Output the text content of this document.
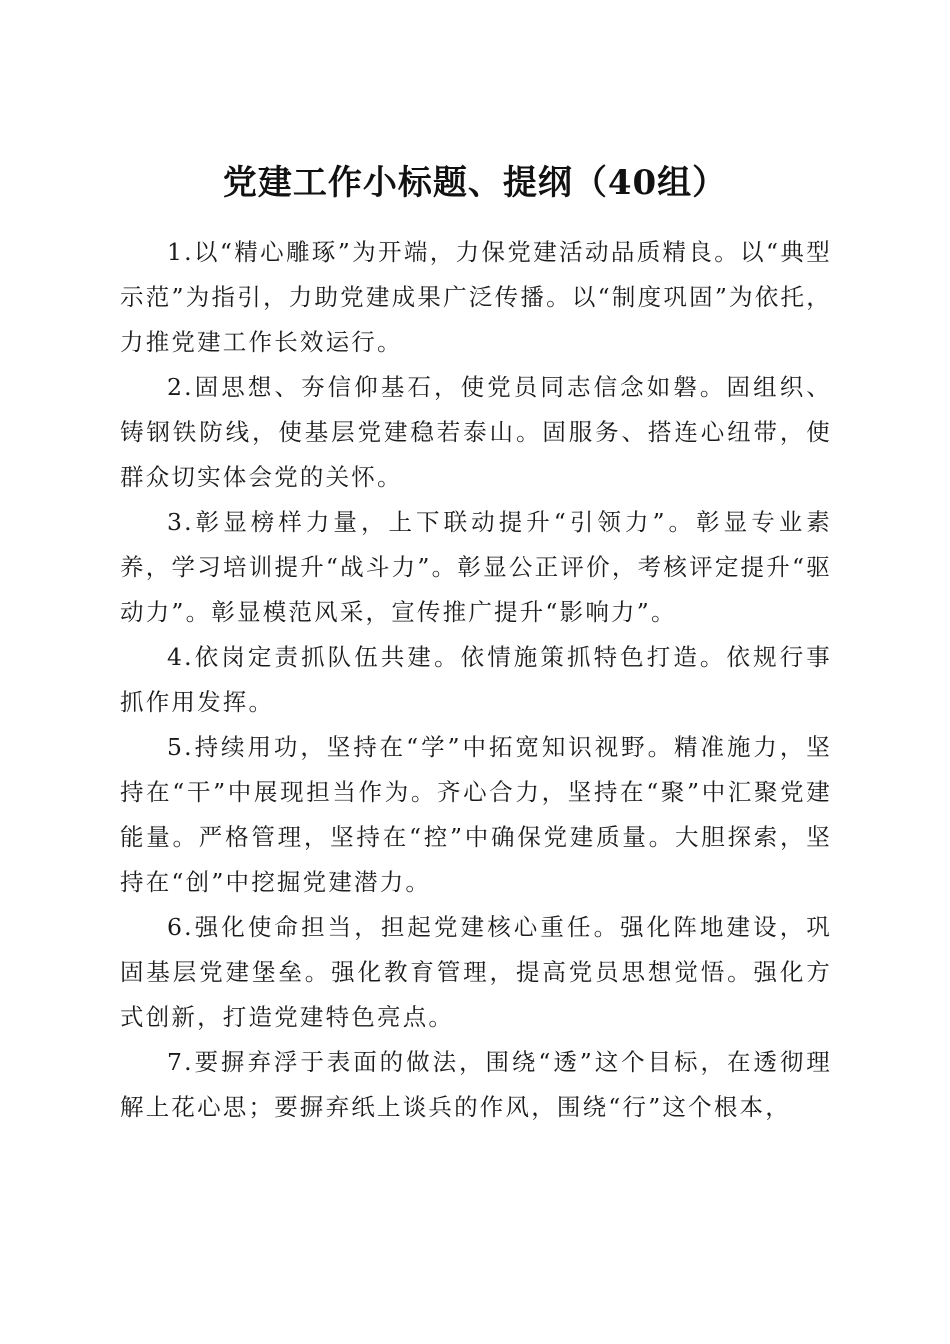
党建工作小标题、提纲（40组）

1.以“精心雕琢”为开端，力保党建活动品质精良。以“典型示范”为指引，力助党建成果广泛传播。以“制度巩固”为依托，力推党建工作长效运行。

2.固思想、夯信仰基石，使党员同志信念如磐。固组织、铸钢铁防线，使基层党建稳若泰山。固服务、搭连心纽带，使群众切实体会党的关怀。

3.彰显榜样力量，上下联动提升“引领力”。彰显专业素养，学习培训提升“战斗力”。彰显公正评价，考核评定提升“驱动力”。彰显模范风采，宣传推广提升“影响力”。

4.依岗定责抓队伍共建。依情施策抓特色打造。依规行事抓作用发挥。

5.持续用功，坚持在“学”中拓宽知识视野。精准施力，坚持在“干”中展现担当作为。齐心合力，坚持在“聚”中汇聚党建能量。严格管理，坚持在“控”中确保党建质量。大胆探索，坚持在“创”中挖掘党建潜力。

6.强化使命担当，担起党建核心重任。强化阵地建设，巩固基层党建堡垒。强化教育管理，提高党员思想觉悟。强化方式创新，打造党建特色亮点。

7.要摒弃浮于表面的做法，围绕“透”这个目标，在透彻理解上花心思；要摒弃纸上谈兵的作风，围绕“行”这个根本，
